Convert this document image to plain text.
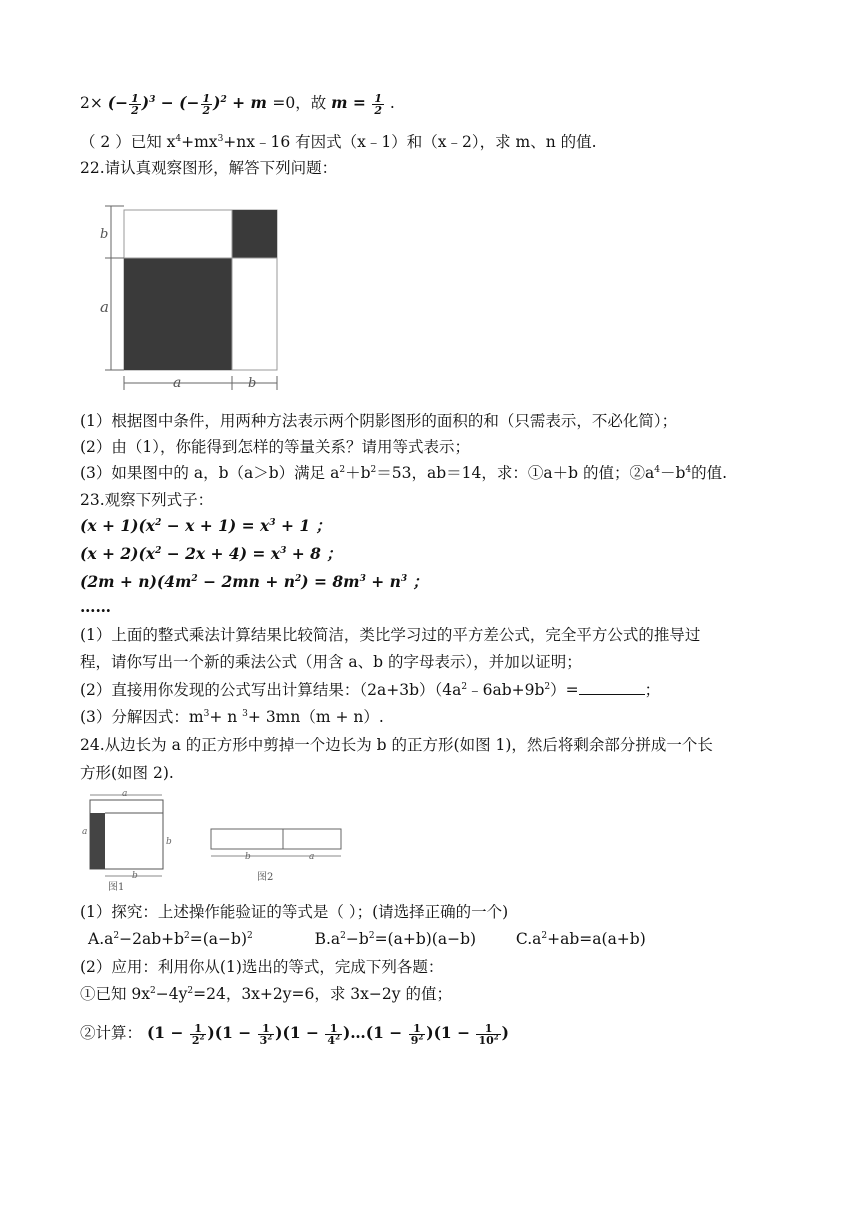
2× (− $\frac{1}{2} )^3$ − (− $\frac{1}{2} )^2 + m =0$，故 $m = \frac{1}{2}$ .
（ 2 ）已知 $x^4+mx^3+nx﹣16$ 有因式（x﹣1）和（x﹣2），求 m、n 的值.
22.请认真观察图形，解答下列问题：
b
a
a	b
(1）根据图中条件，用两种方法表示两个阴影图形的面积的和（只需表示，不必化简）；
(2）由（1），你能得到怎样的等量关系？请用等式表示；
(3）如果图中的 a，b（a＞b）满足 $a^2+b^2=53$，ab＝14，求：①a＋b 的值；$②a^4-b^4$的值.
23.观察下列式子：
$(x + 1)(x^2 - x + 1) = x^3 + 1$ ；
$(x + 2)(x^2 - 2x + 4) = x^3 + 8$ ；
$(2m + n)(4m^2 - 2mn + n^2) = 8m^3 + n^3$ ；
……
(1）上面的整式乘法计算结果比较简洁，类比学习过的平方差公式，完全平方公式的推导过
程，请你写出一个新的乘法公式（用含 a、b 的字母表示），并加以证明；
(2）直接用你发现的公式写出计算结果：$(2a+3b)(4a^2﹣6ab+9b^2)=$	；
(3）分解因式：$m^3+ n$ $^3$+ 3mn（m + n）.
24.从边长为 a 的正方形中剪掉一个边长为 b 的正方形(如图 1)，然后将剩余部分拼成一个长
方形(如图 2).
a
a
b
b
图1
b	a
图2
(1）探究：上述操作能验证的等式是（ ）；(请选择正确的一个)
$A.a^2-2ab+b^2=(a-b)^2$	$B.a^2-b^2=(a+b)(a-b)$	$C.a^2+ab=a(a+b)$
(2）应用：利用你从(1)选出的等式，完成下列各题：
①已知 $9x^2-4y^2=24$，3x+2y=6，求 3x−2y 的值；
②计算： $(1 - \frac{1}{2^2} )(1 - \frac{1}{3^2} )(1 - \frac{1}{4^2}$ )…(1 − $\frac{1}{9^2} )(1 - \frac{1}{10^2}$ )
